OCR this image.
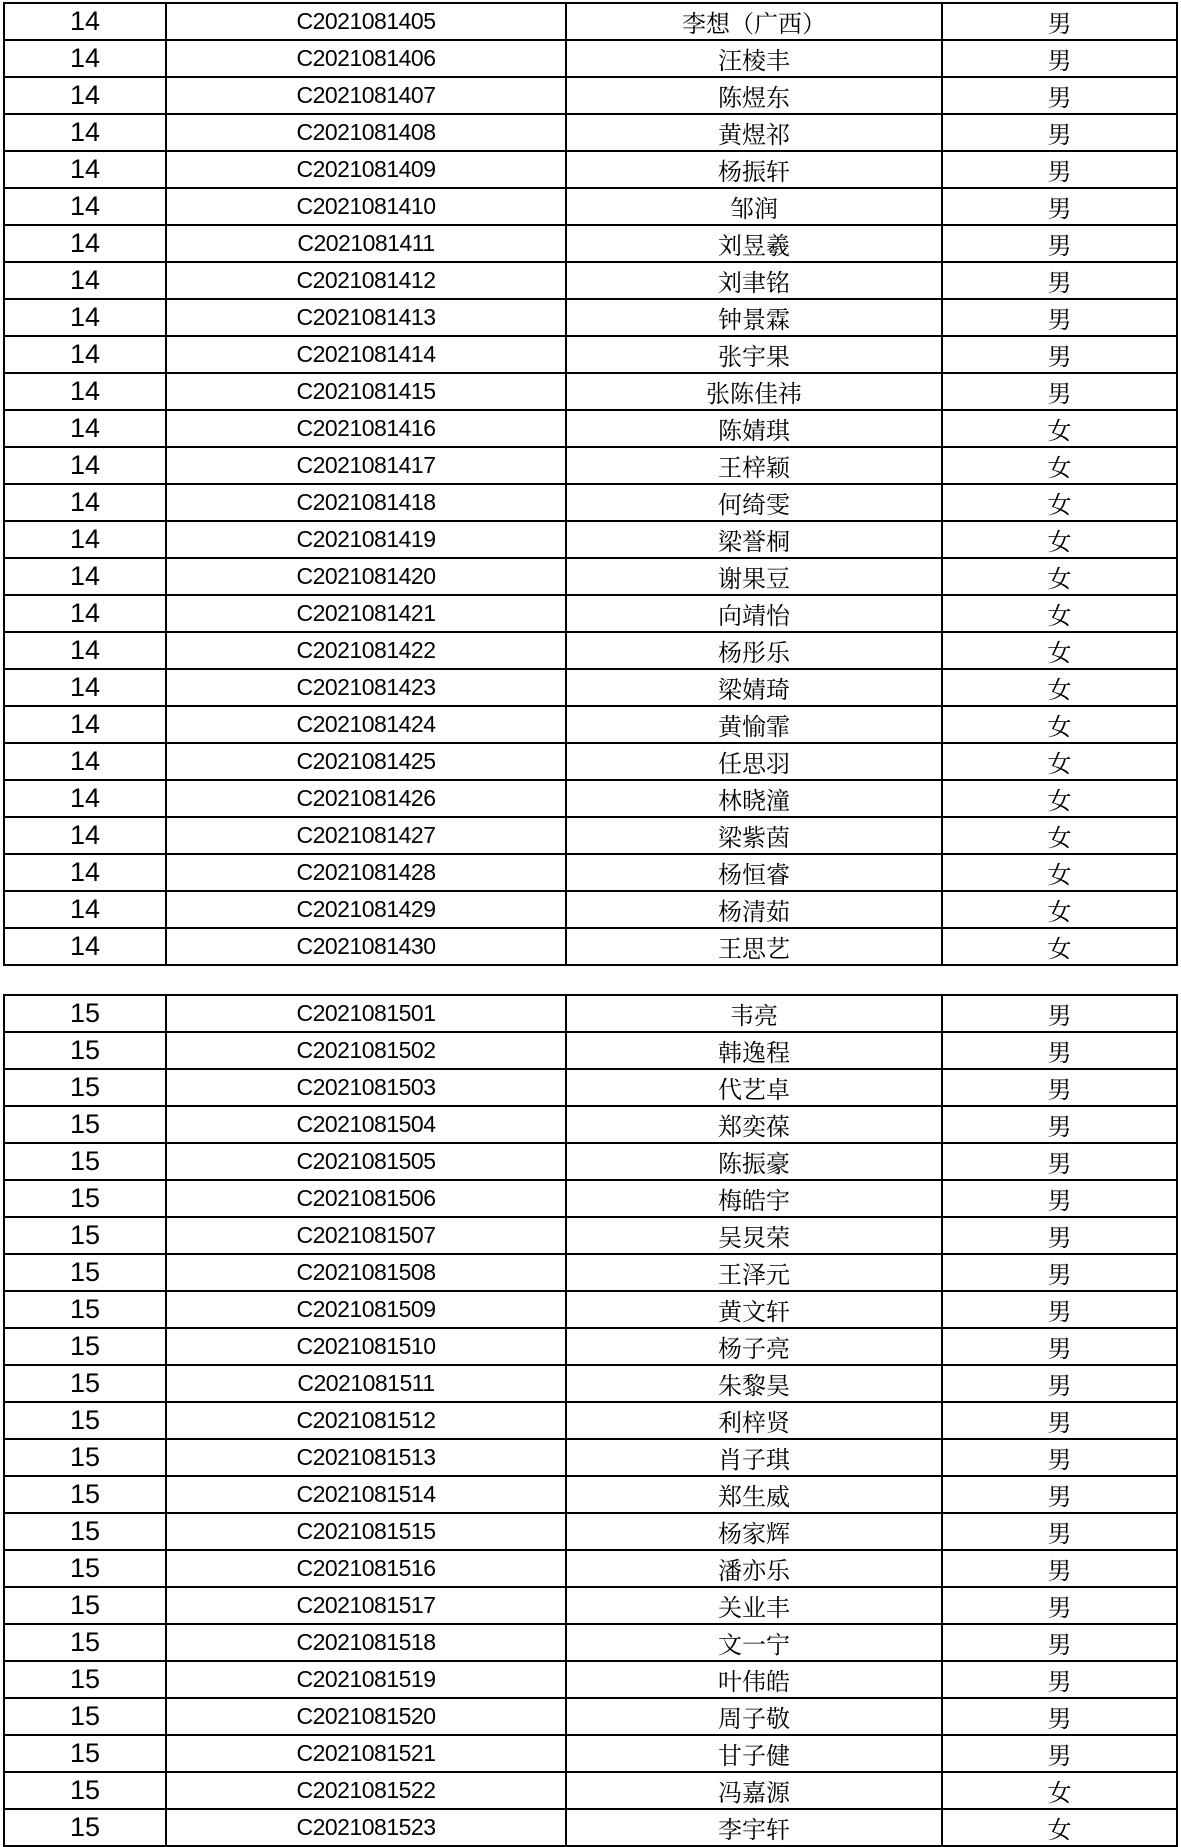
14	C2021081405	李想（广西）	男
14	C2021081406	汪棱丰	男
14	C2021081407	陈煜东	男
14	C2021081408	黄煜祁	男
14	C2021081409	杨振轩	男
14	C2021081410	邹润	男
14	C2021081411	刘昱羲	男
14	C2021081412	刘聿铭	男
14	C2021081413	钟景霖	男
14	C2021081414	张宇果	男
14	C2021081415	张陈佳祎	男
14	C2021081416	陈婧琪	女
14	C2021081417	王梓颖	女
14	C2021081418	何绮雯	女
14	C2021081419	梁誉桐	女
14	C2021081420	谢果豆	女
14	C2021081421	向靖怡	女
14	C2021081422	杨彤乐	女
14	C2021081423	梁婧琦	女
14	C2021081424	黄愉霏	女
14	C2021081425	任思羽	女
14	C2021081426	林晓潼	女
14	C2021081427	梁紫茵	女
14	C2021081428	杨恒睿	女
14	C2021081429	杨清茹	女
14	C2021081430	王思艺	女
15	C2021081501	韦亮	男
15	C2021081502	韩逸程	男
15	C2021081503	代艺卓	男
15	C2021081504	郑奕葆	男
15	C2021081505	陈振豪	男
15	C2021081506	梅皓宇	男
15	C2021081507	吴炅荣	男
15	C2021081508	王泽元	男
15	C2021081509	黄文轩	男
15	C2021081510	杨子亮	男
15	C2021081511	朱黎昊	男
15	C2021081512	利梓贤	男
15	C2021081513	肖子琪	男
15	C2021081514	郑生威	男
15	C2021081515	杨家辉	男
15	C2021081516	潘亦乐	男
15	C2021081517	关业丰	男
15	C2021081518	文一宁	男
15	C2021081519	叶伟皓	男
15	C2021081520	周子敬	男
15	C2021081521	甘子健	男
15	C2021081522	冯嘉源	女
15	C2021081523	李宇轩	女
